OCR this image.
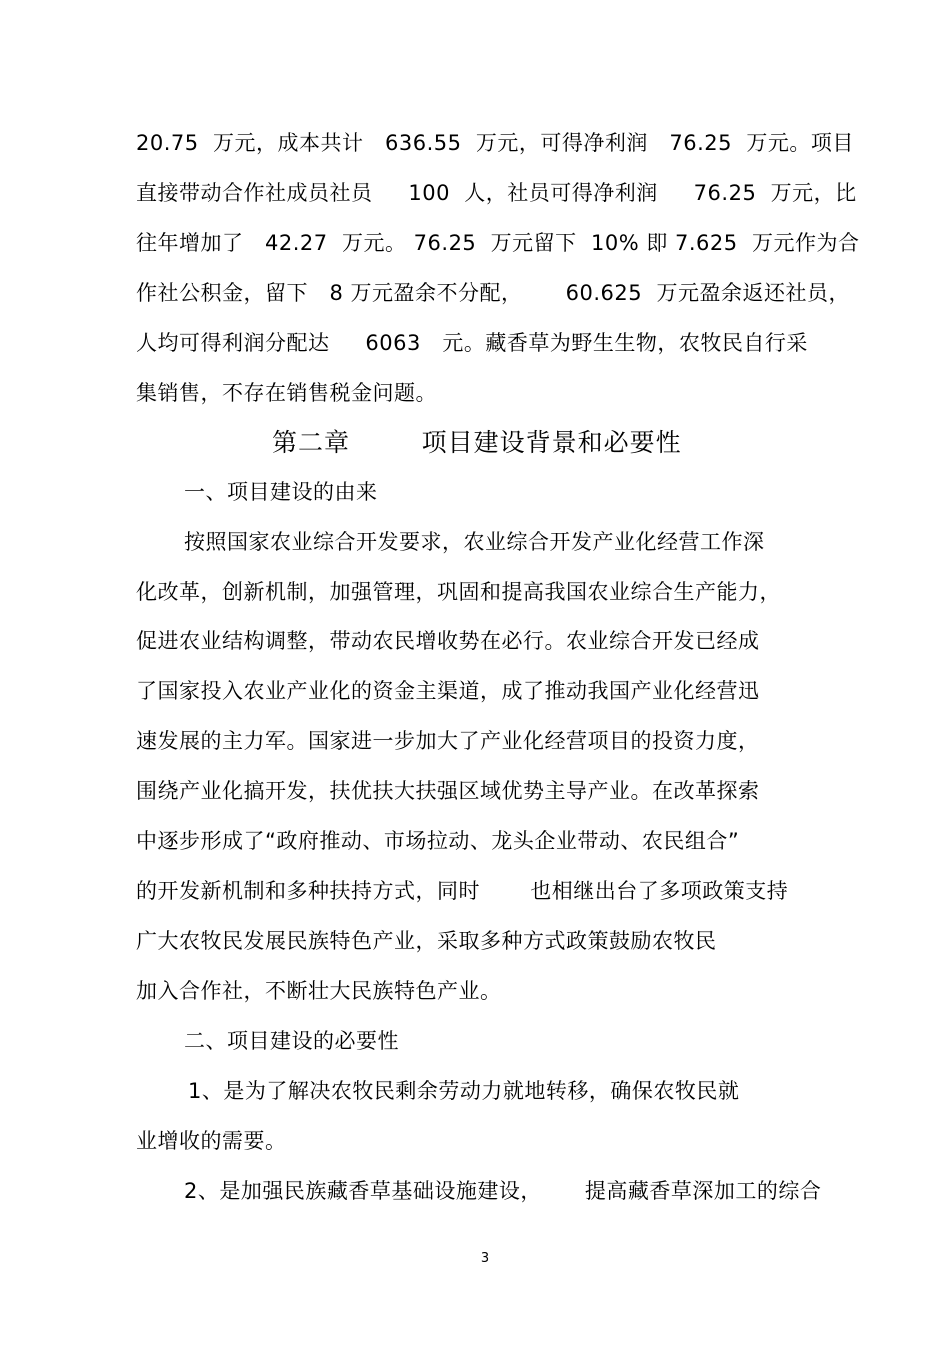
20.75  万元，成本共计   636.55  万元，可得净利润   76.25  万元。项目
直接带动合作社成员社员     100  人，社员可得净利润     76.25  万元，比
往年增加了   42.27  万元。 76.25  万元留下  10% 即 7.625  万元作为合
作社公积金，留下   8 万元盈余不分配，      60.625  万元盈余返还社员，
人均可得利润分配达     6063   元。藏香草为野生生物，农牧民自行采
集销售，不存在销售税金问题。
第二章        项目建设背景和必要性
一、项目建设的由来
按照国家农业综合开发要求，农业综合开发产业化经营工作深
化改革，创新机制，加强管理，巩固和提高我国农业综合生产能力，
促进农业结构调整，带动农民增收势在必行。农业综合开发已经成
了国家投入农业产业化的资金主渠道，成了推动我国产业化经营迅
速发展的主力军。国家进一步加大了产业化经营项目的投资力度，
围绕产业化搞开发，扶优扶大扶强区域优势主导产业。在改革探索
中逐步形成了“政府推动、市场拉动、龙头企业带动、农民组合”
的开发新机制和多种扶持方式，同时       也相继出台了多项政策支持
广大农牧民发展民族特色产业，采取多种方式政策鼓励农牧民
加入合作社，不断壮大民族特色产业。
二、项目建设的必要性
1、是为了解决农牧民剩余劳动力就地转移，确保农牧民就
业增收的需要。
2、是加强民族藏香草基础设施建设，      提高藏香草深加工的综合
3
